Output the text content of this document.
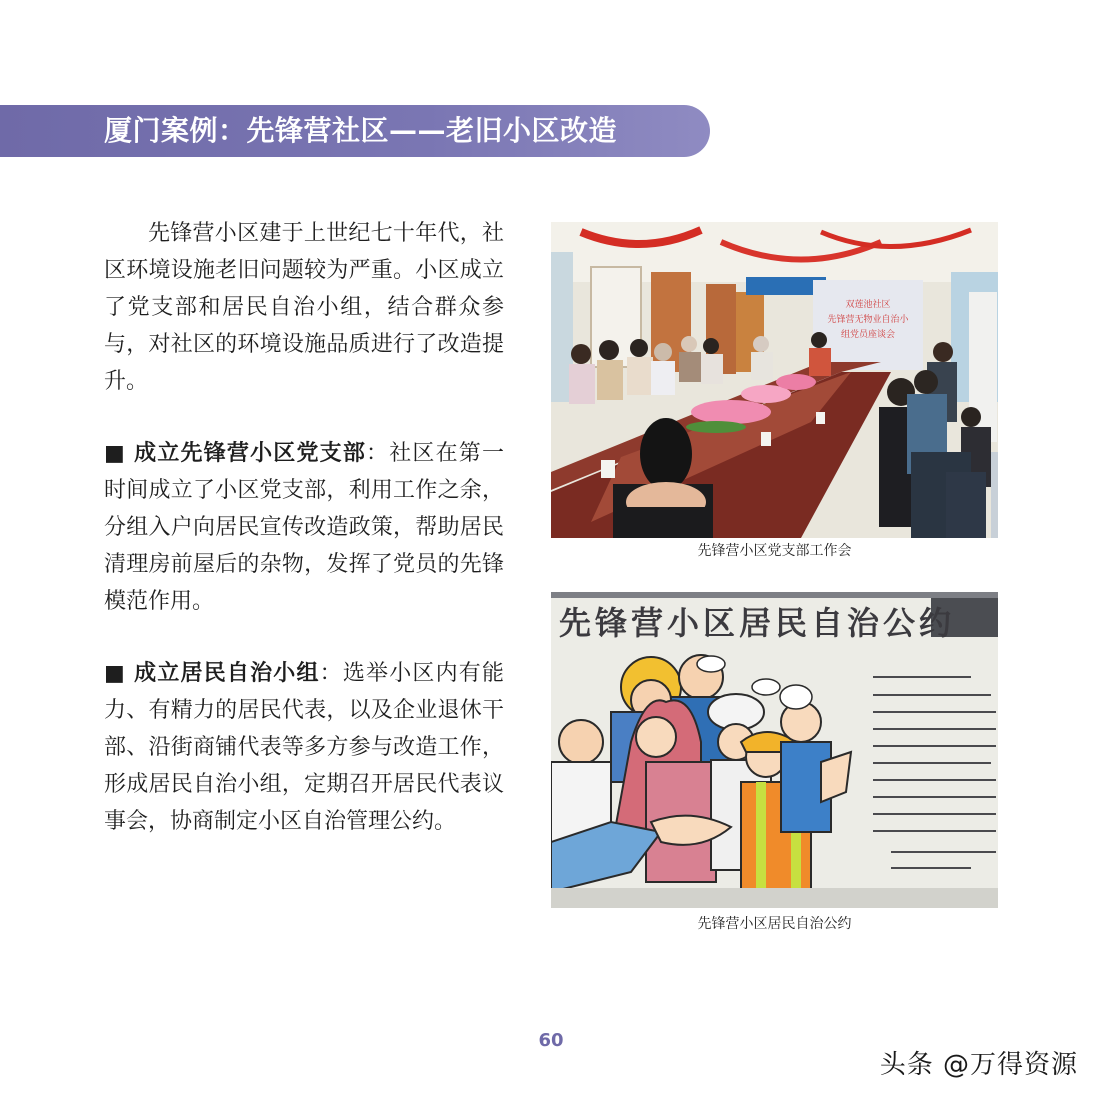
厦门案例：先锋营社区——老旧小区改造

先锋营小区建于上世纪七十年代，社区环境设施老旧问题较为严重。小区成立了党支部和居民自治小组，结合群众参与，对社区的环境设施品质进行了改造提升。

■ 成立先锋营小区党支部：社区在第一时间成立了小区党支部，利用工作之余，分组入户向居民宣传改造政策，帮助居民清理房前屋后的杂物，发挥了党员的先锋模范作用。

■ 成立居民自治小组：选举小区内有能力、有精力的居民代表，以及企业退休干部、沿街商铺代表等多方参与改造工作，形成居民自治小组，定期召开居民代表议事会，协商制定小区自治管理公约。

双莲池社区
先锋营无物业自治小
组党员座谈会
先锋营小区党支部工作会
先锋营小区居民自治公约
先锋营小区居民自治公约
60
头条 @万得资源
